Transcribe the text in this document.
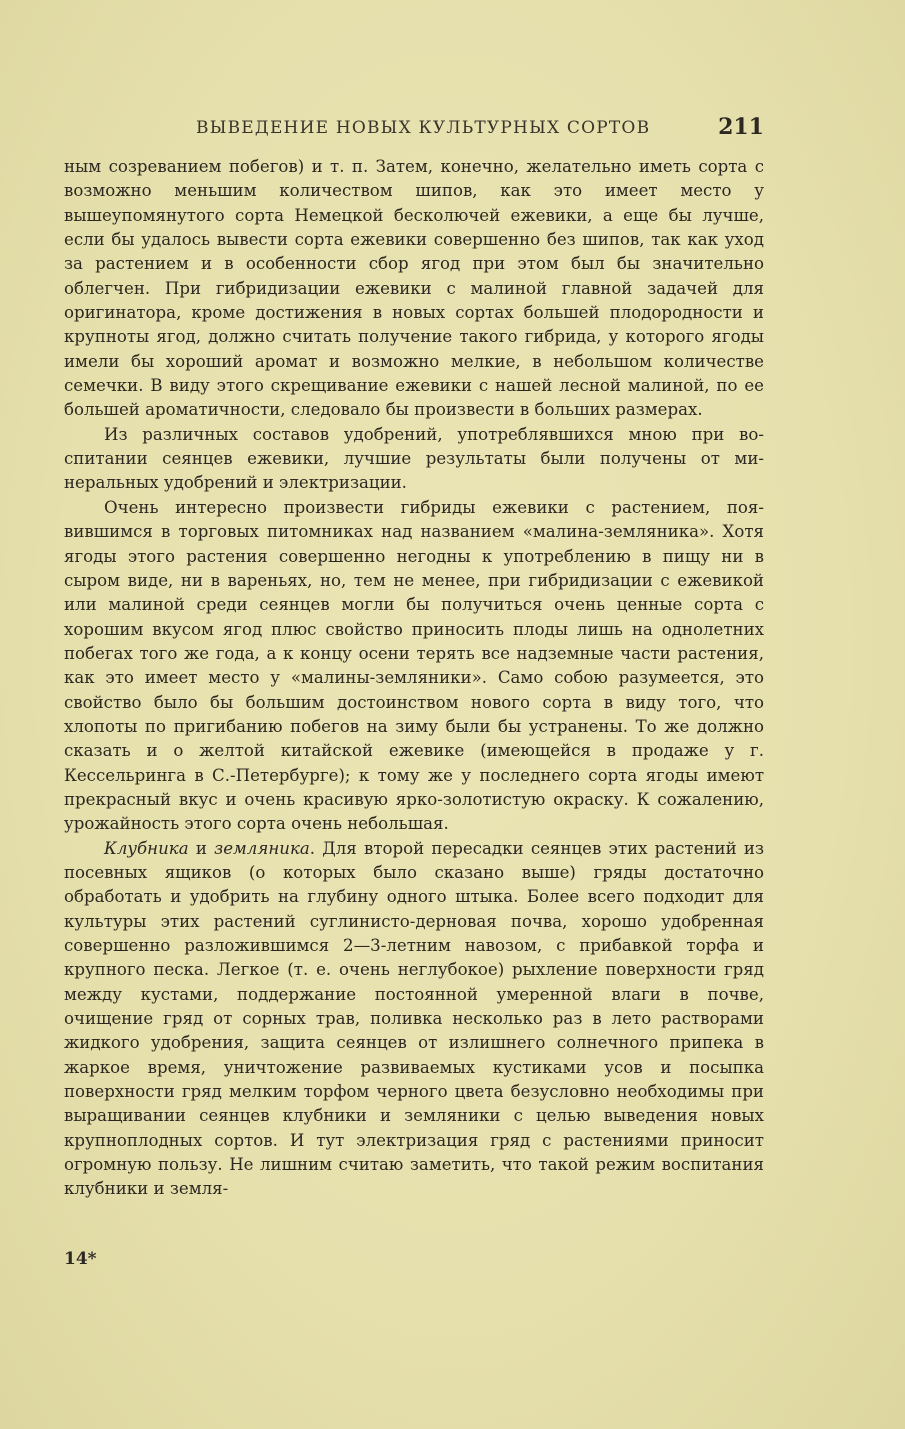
ВЫВЕДЕНИЕ НОВЫХ КУЛЬТУРНЫХ СОРТОВ	211

ным созреванием побегов) и т. п. Затем, конечно, желательно иметь сорта с возможно меньшим количеством шипов, как это имеет место у вышеупомянутого сорта Немецкой бесколючей ежевики, а еще бы лучше, если бы удалось вывести сорта ежевики совершенно без шипов, так как уход за растением и в особенности сбор ягод при этом был бы значительно облегчен. При гибридизации ежевики с малиной главной задачей для оригинатора, кроме достижения в новых сортах большей плодородности и крупноты ягод, должно считать получение такого гибрида, у которого ягоды имели бы хороший аромат и возможно мелкие, в небольшом количестве семечки. В виду этого скрещивание ежевики с нашей лесной малиной, по ее большей ароматичности, следовало бы произвести в больших размерах.

Из различных составов удобрений, употреблявшихся мною при воспитании сеянцев ежевики, лучшие результаты были получены от минеральных удобрений и электризации.

Очень интересно произвести гибриды ежевики с растением, появившимся в торговых питомниках над названием «малина-земляника». Хотя ягоды этого растения совершенно негодны к употреблению в пищу ни в сыром виде, ни в вареньях, но, тем не менее, при гибридизации с ежевикой или малиной среди сеянцев могли бы получиться очень ценные сорта с хорошим вкусом ягод плюс свойство приносить плоды лишь на однолетних побегах того же года, а к концу осени терять все надземные части растения, как это имеет место у «малины-земляники». Само собою разумеется, это свойство было бы большим достоинством нового сорта в виду того, что хлопоты по пригибанию побегов на зиму были бы устранены. То же должно сказать и о желтой китайской ежевике (имеющейся в продаже у г. Кессельринга в С.-Петербурге); к тому же у последнего сорта ягоды имеют прекрасный вкус и очень красивую ярко-золотистую окраску. К сожалению, урожайность этого сорта очень небольшая.

Клубника и земляника. Для второй пересадки сеянцев этих растений из посевных ящиков (о которых было сказано выше) гряды достаточно обработать и удобрить на глубину одного штыка. Более всего подходит для культуры этих растений суглинисто-дерновая почва, хорошо удобренная совершенно разложившимся 2—3-летним навозом, с прибавкой торфа и крупного песка. Легкое (т. е. очень неглубокое) рыхление поверхности гряд между кустами, поддержание постоянной умеренной влаги в почве, очищение гряд от сорных трав, поливка несколько раз в лето растворами жидкого удобрения, защита сеянцев от излишнего солнечного припека в жаркое время, уничтожение развиваемых кустиками усов и посыпка поверхности гряд мелким торфом черного цвета безусловно необходимы при выращивании сеянцев клубники и земляники с целью выведения новых крупноплодных сортов. И тут электризация гряд с растениями приносит огромную пользу. Не лишним считаю заметить, что такой режим воспитания клубники и земля-

14*
